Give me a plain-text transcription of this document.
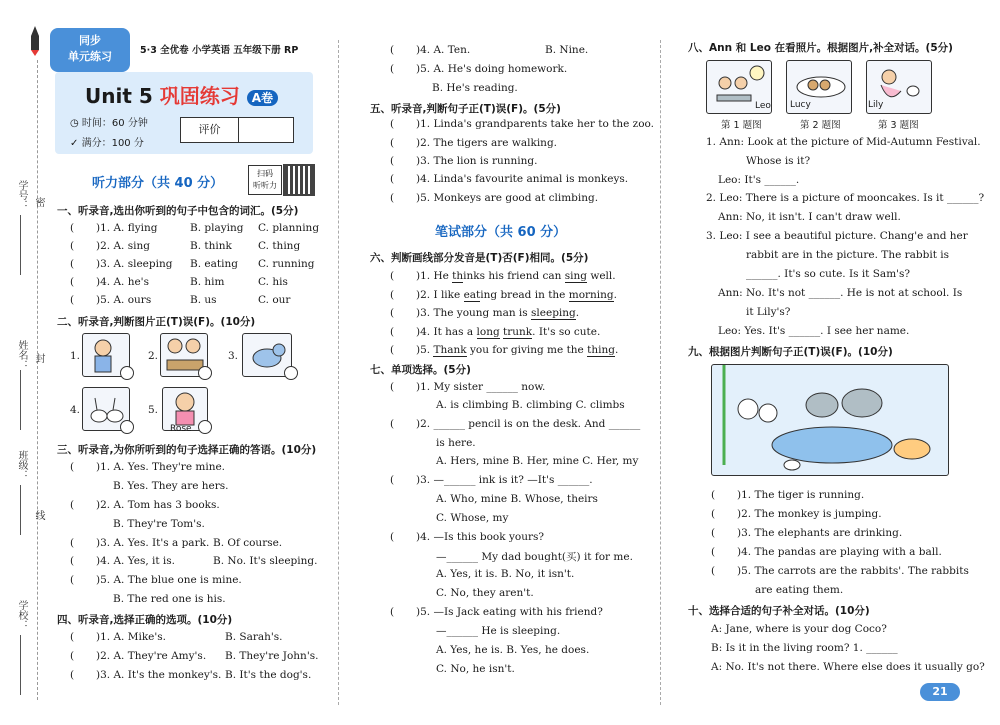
学号： 密
姓名： 封
班级：
线
学校：
同步
单元练习	5·3 全优卷 小学英语 五年级下册 RP
Unit 5 巩固练习 A卷
◷ 时间：60 分钟
✓ 满分：100 分
评价
听力部分（共 40 分）
扫码
听听力
一、听录音,选出你听到的句子中包含的词汇。(5分)
( )1. A. flying	B. playing C. planning
( )2. A. sing	B. think C. thing
( )3. A. sleeping B. eating C. running
( )4. A. he's	B. him	C. his
( )5. A. ours	B. us	C. our
二、听录音,判断图片正(T)误(F)。(10分)
1.	2.	3.
4.	5.
Rose
三、听录音,为你所听到的句子选择正确的答语。(10分)
( )1. A. Yes. They're mine.
B. Yes. They are hers.
( )2. A. Tom has 3 books.
B. They're Tom's.
( )3. A. Yes. It's a park. B. Of course.
( )4. A. Yes, it is.	B. No. It's sleeping.
( )5. A. The blue one is mine.
B. The red one is his.
四、听录音,选择正确的选项。(10分)
( )1. A. Mike's.	B. Sarah's.
( )2. A. They're Amy's. B. They're John's.
( )3. A. It's the monkey's. B. It's the dog's.
( )4. A. Ten.	B. Nine.
( )5. A. He's doing homework.
B. He's reading.
五、听录音,判断句子正(T)误(F)。(5分)
( )1. Linda's grandparents take her to the zoo.
( )2. The tigers are walking.
( )3. The lion is running.
( )4. Linda's favourite animal is monkeys.
( )5. Monkeys are good at climbing.
笔试部分（共 60 分）
六、判断画线部分发音是(T)否(F)相同。(5分)
( )1. He thinks his friend can sing well.
( )2. I like eating bread in the morning.
( )3. The young man is sleeping.
( )4. It has a long trunk. It's so cute.
( )5. Thank you for giving me the thing.
七、单项选择。(5分)
( )1. My sister ______ now.
A. is climbing B. climbing C. climbs
( )2. ______ pencil is on the desk. And ______
is here.
A. Hers, mine B. Her, mine C. Her, my
( )3. —______ ink is it? —It's ______.
A. Who, mine B. Whose, theirs
C. Whose, my
( )4. —Is this book yours?
—______ My dad bought(买) it for me.
A. Yes, it is. B. No, it isn't.
C. No, they aren't.
( )5. —Is Jack eating with his friend?
—______ He is sleeping.
A. Yes, he is. B. Yes, he does.
C. No, he isn't.
八、Ann 和 Leo 在看照片。根据图片,补全对话。(5分)
Leo Lucy	Lily
第 1 题图	第 2 题图	第 3 题图
1. Ann: Look at the picture of Mid-Autumn Festival.
Whose is it?
Leo: It's ______.
2. Leo: There is a picture of mooncakes. Is it ______?
Ann: No, it isn't. I can't draw well.
3. Leo: I see a beautiful picture. Chang'e and her
rabbit are in the picture. The rabbit is
______. It's so cute. Is it Sam's?
Ann: No. It's not ______. He is not at school. Is
it Lily's?
Leo: Yes. It's ______. I see her name.
九、根据图片判断句子正(T)误(F)。(10分)
( )1. The tiger is running.
( )2. The monkey is jumping.
( )3. The elephants are drinking.
( )4. The pandas are playing with a ball.
( )5. The carrots are the rabbits'. The rabbits
are eating them.
十、选择合适的句子补全对话。(10分)
A: Jane, where is your dog Coco?
B: Is it in the living room? 1. ______
A: No. It's not there. Where else does it usually go?
21
